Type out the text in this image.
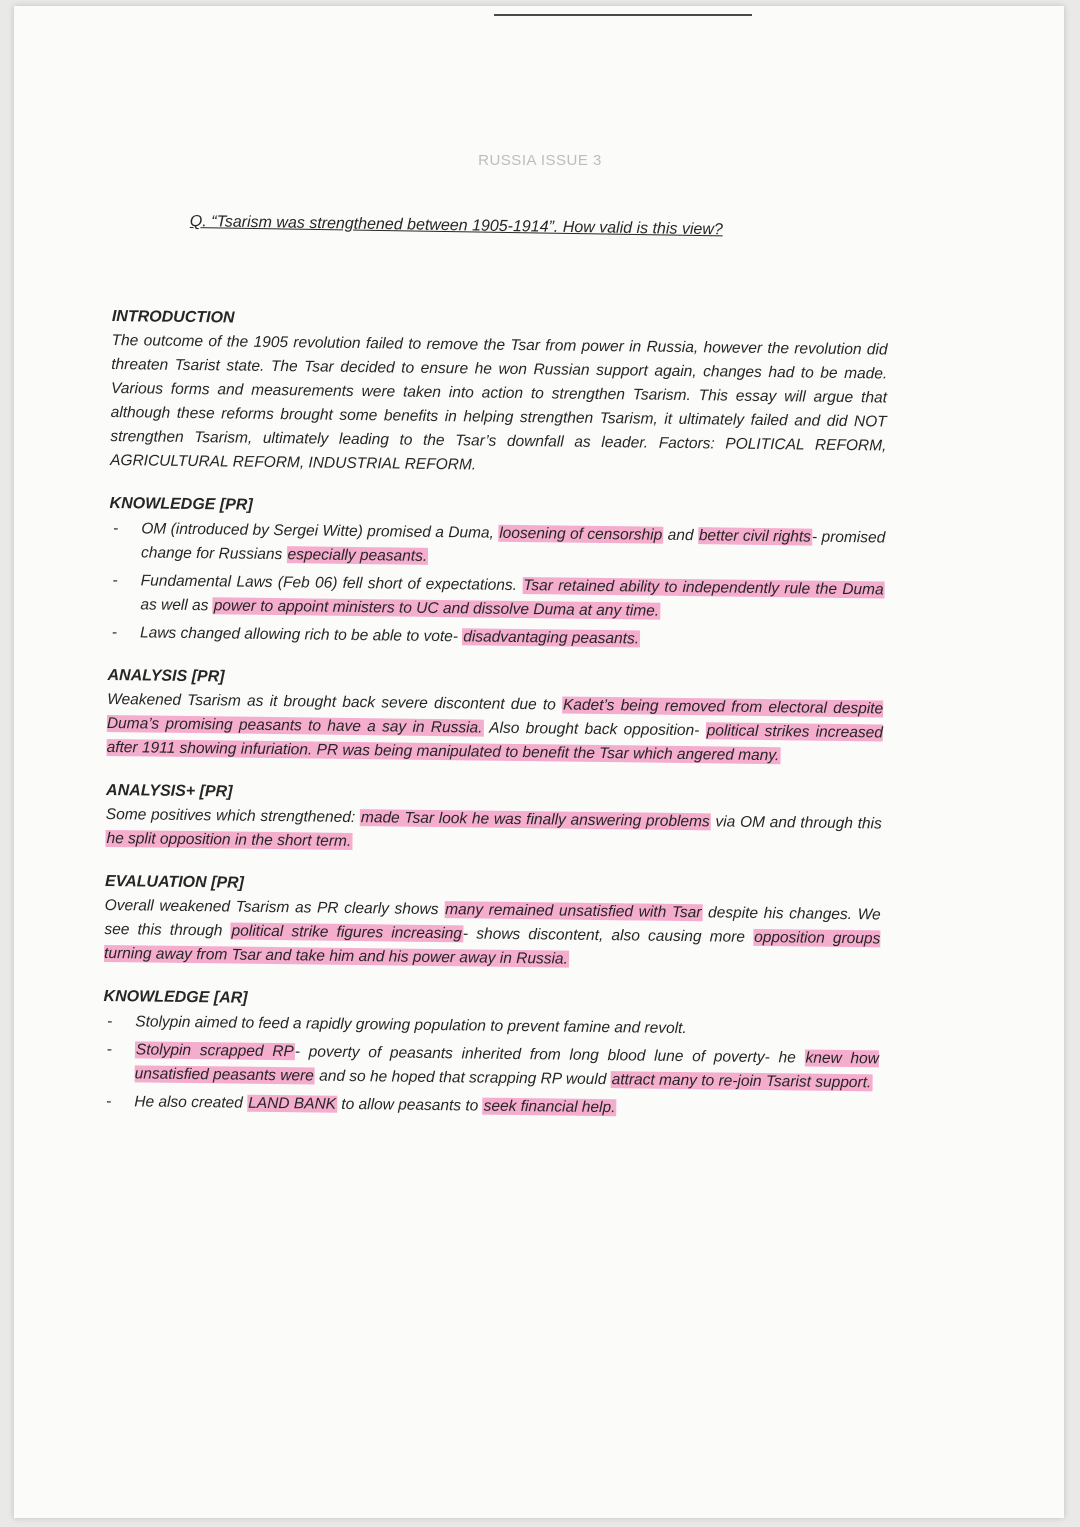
RUSSIA ISSUE 3
Q. “Tsarism was strengthened between 1905-1914”. How valid is this view?
INTRODUCTION
The outcome of the 1905 revolution failed to remove the Tsar from power in Russia, however the revolution did threaten Tsarist state. The Tsar decided to ensure he won Russian support again, changes had to be made. Various forms and measurements were taken into action to strengthen Tsarism. This essay will argue that although these reforms brought some benefits in helping strengthen Tsarism, it ultimately failed and did NOT strengthen Tsarism, ultimately leading to the Tsar’s downfall as leader. Factors: POLITICAL REFORM, AGRICULTURAL REFORM, INDUSTRIAL REFORM.
KNOWLEDGE [PR]
- OM (introduced by Sergei Witte) promised a Duma, loosening of censorship and better civil rights- promised change for Russians especially peasants.
- Fundamental Laws (Feb 06) fell short of expectations. Tsar retained ability to independently rule the Duma as well as power to appoint ministers to UC and dissolve Duma at any time.
- Laws changed allowing rich to be able to vote- disadvantaging peasants.
ANALYSIS [PR]
Weakened Tsarism as it brought back severe discontent due to Kadet’s being removed from electoral despite Duma’s promising peasants to have a say in Russia. Also brought back opposition- political strikes increased after 1911 showing infuriation. PR was being manipulated to benefit the Tsar which angered many.
ANALYSIS+ [PR]
Some positives which strengthened: made Tsar look he was finally answering problems via OM and through this he split opposition in the short term.
EVALUATION [PR]
Overall weakened Tsarism as PR clearly shows many remained unsatisfied with Tsar despite his changes. We see this through political strike figures increasing- shows discontent, also causing more opposition groups turning away from Tsar and take him and his power away in Russia.
KNOWLEDGE [AR]
- Stolypin aimed to feed a rapidly growing population to prevent famine and revolt.
- Stolypin scrapped RP- poverty of peasants inherited from long blood lune of poverty- he knew how unsatisfied peasants were and so he hoped that scrapping RP would attract many to re-join Tsarist support.
- He also created LAND BANK to allow peasants to seek financial help.
